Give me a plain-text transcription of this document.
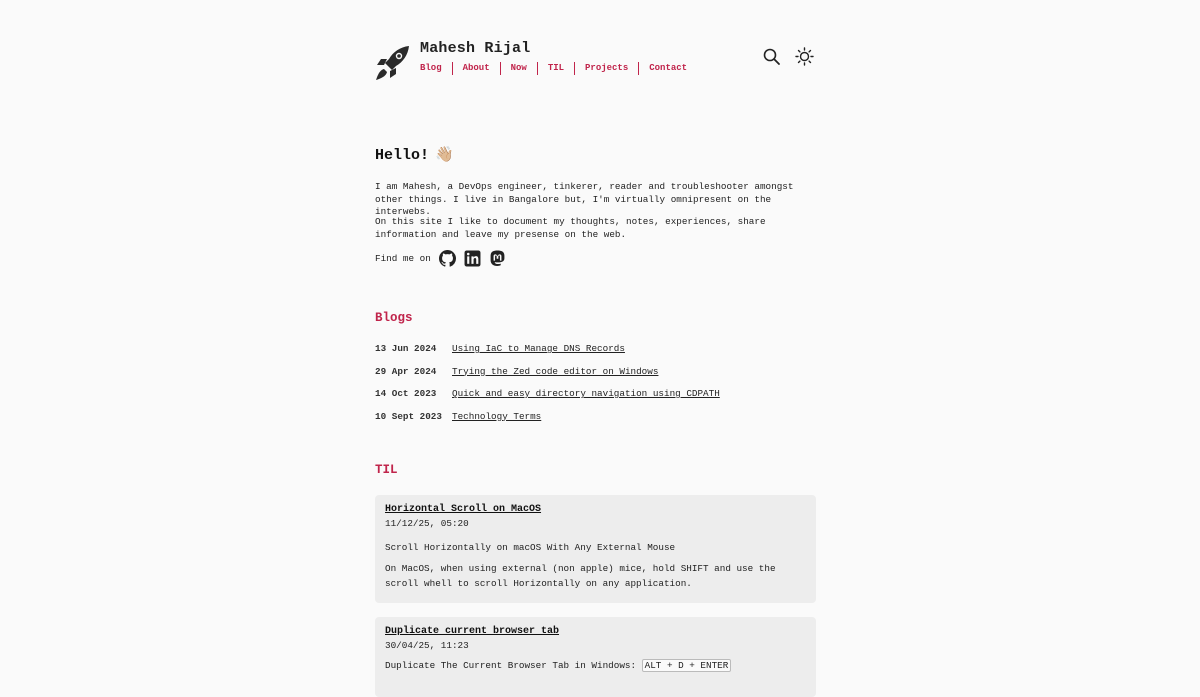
Mahesh Rijal
Blog	About	Now	TIL	Projects	Contact
Hello! 👋🏼

I am Mahesh, a DevOps engineer, tinkerer, reader and troubleshooter amongst other things. I live in Bangalore but, I'm virtually omnipresent on the interwebs.

On this site I like to document my thoughts, notes, experiences, share information and leave my presense on the web.

Find me on
Blogs
13 Jun 2024	Using IaC to Manage DNS Records
29 Apr 2024	Trying the Zed code editor on Windows
14 Oct 2023	Quick and easy directory navigation using CDPATH
10 Sept 2023	Technology Terms
TIL
Horizontal Scroll on MacOS
11/12/25, 05:20

Scroll Horizontally on macOS With Any External Mouse

On MacOS, when using external (non apple) mice, hold SHIFT and use the scroll whell to scroll Horizontally on any application.

Duplicate current browser tab
30/04/25, 11:23

Duplicate The Current Browser Tab in Windows: ALT + D + ENTER
